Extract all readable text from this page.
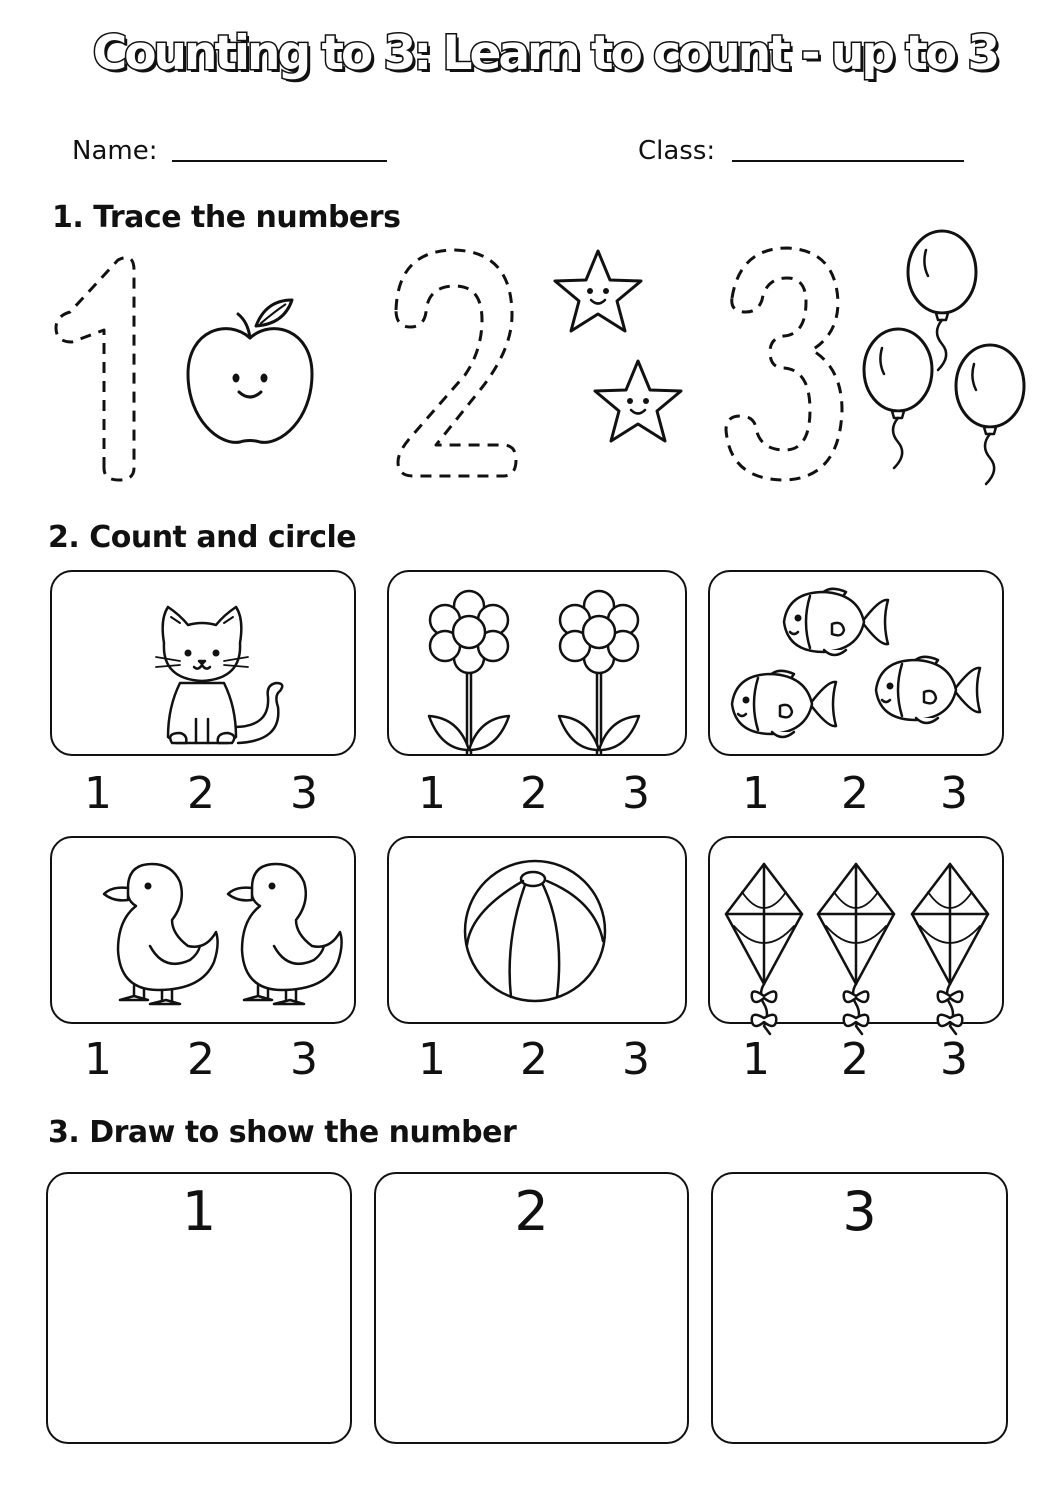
Counting to 3: Learn to count - up to 3
Name:	Class:
1. Trace the numbers
2. Count and circle
1 2 3 1 2 3 1 2 3
1 2 3 1 2 3 1 2 3
3. Draw to show the number
1	2	3
